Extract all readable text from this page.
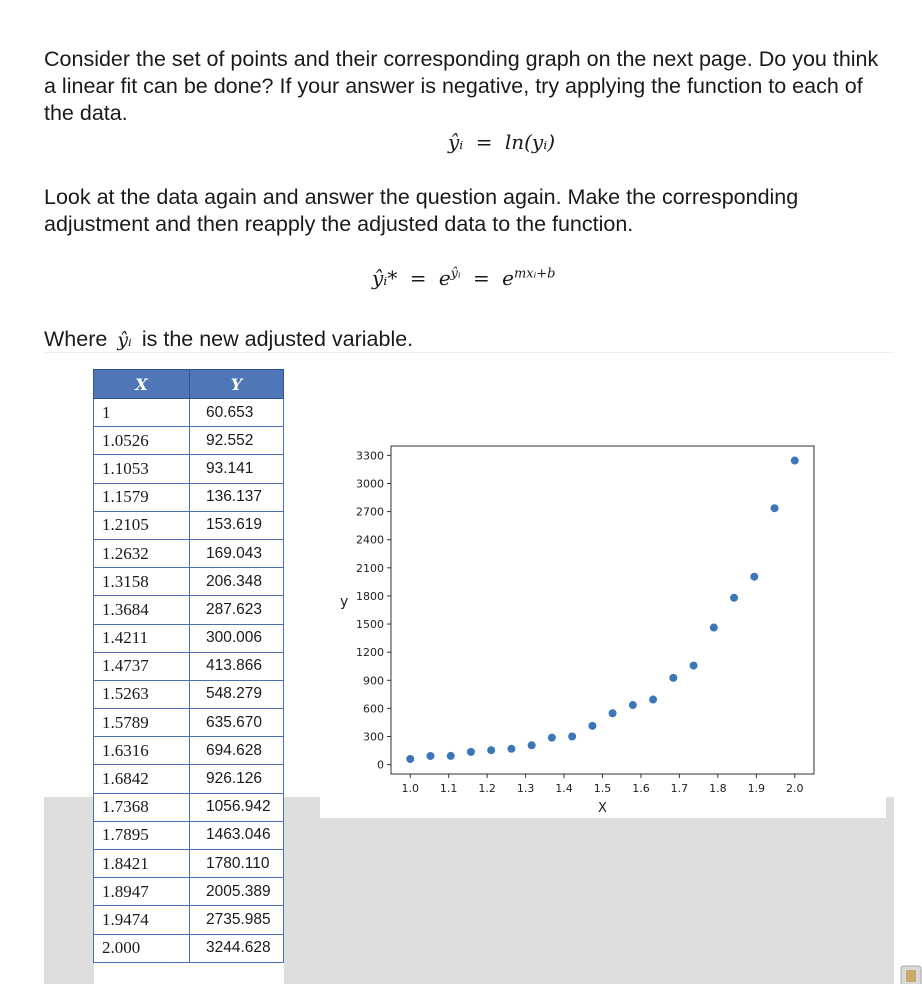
Consider the set of points and their corresponding graph on the next page. Do you think a linear fit can be done? If your answer is negative, try applying the function to each of the data.

ŷᵢ = ln(yᵢ)

Look at the data again and answer the question again. Make the corresponding adjustment and then reapply the adjusted data to the function.

ŷᵢ* = $e^{ŷᵢ} = e^{mxᵢ+b}$

Where ŷᵢ is the new adjusted variable.

X	Y
1	60.653
1.0526	92.552
1.1053	93.141
1.1579	136.137
1.2105	153.619
1.2632	169.043
1.3158	206.348
1.3684	287.623
1.4211	300.006
1.4737	413.866
1.5263	548.279
1.5789	635.670
1.6316	694.628
1.6842	926.126
1.7368	1056.942
1.7895	1463.046
1.8421	1780.110
1.8947	2005.389
1.9474	2735.985
2.000	3244.628
0
300
600
900
1200
1500
1800
2100
2400
2700
3000
3300
1.0 1.1 1.2 1.3 1.4 1.5 1.6 1.7 1.8 1.9 2.0
X
y
